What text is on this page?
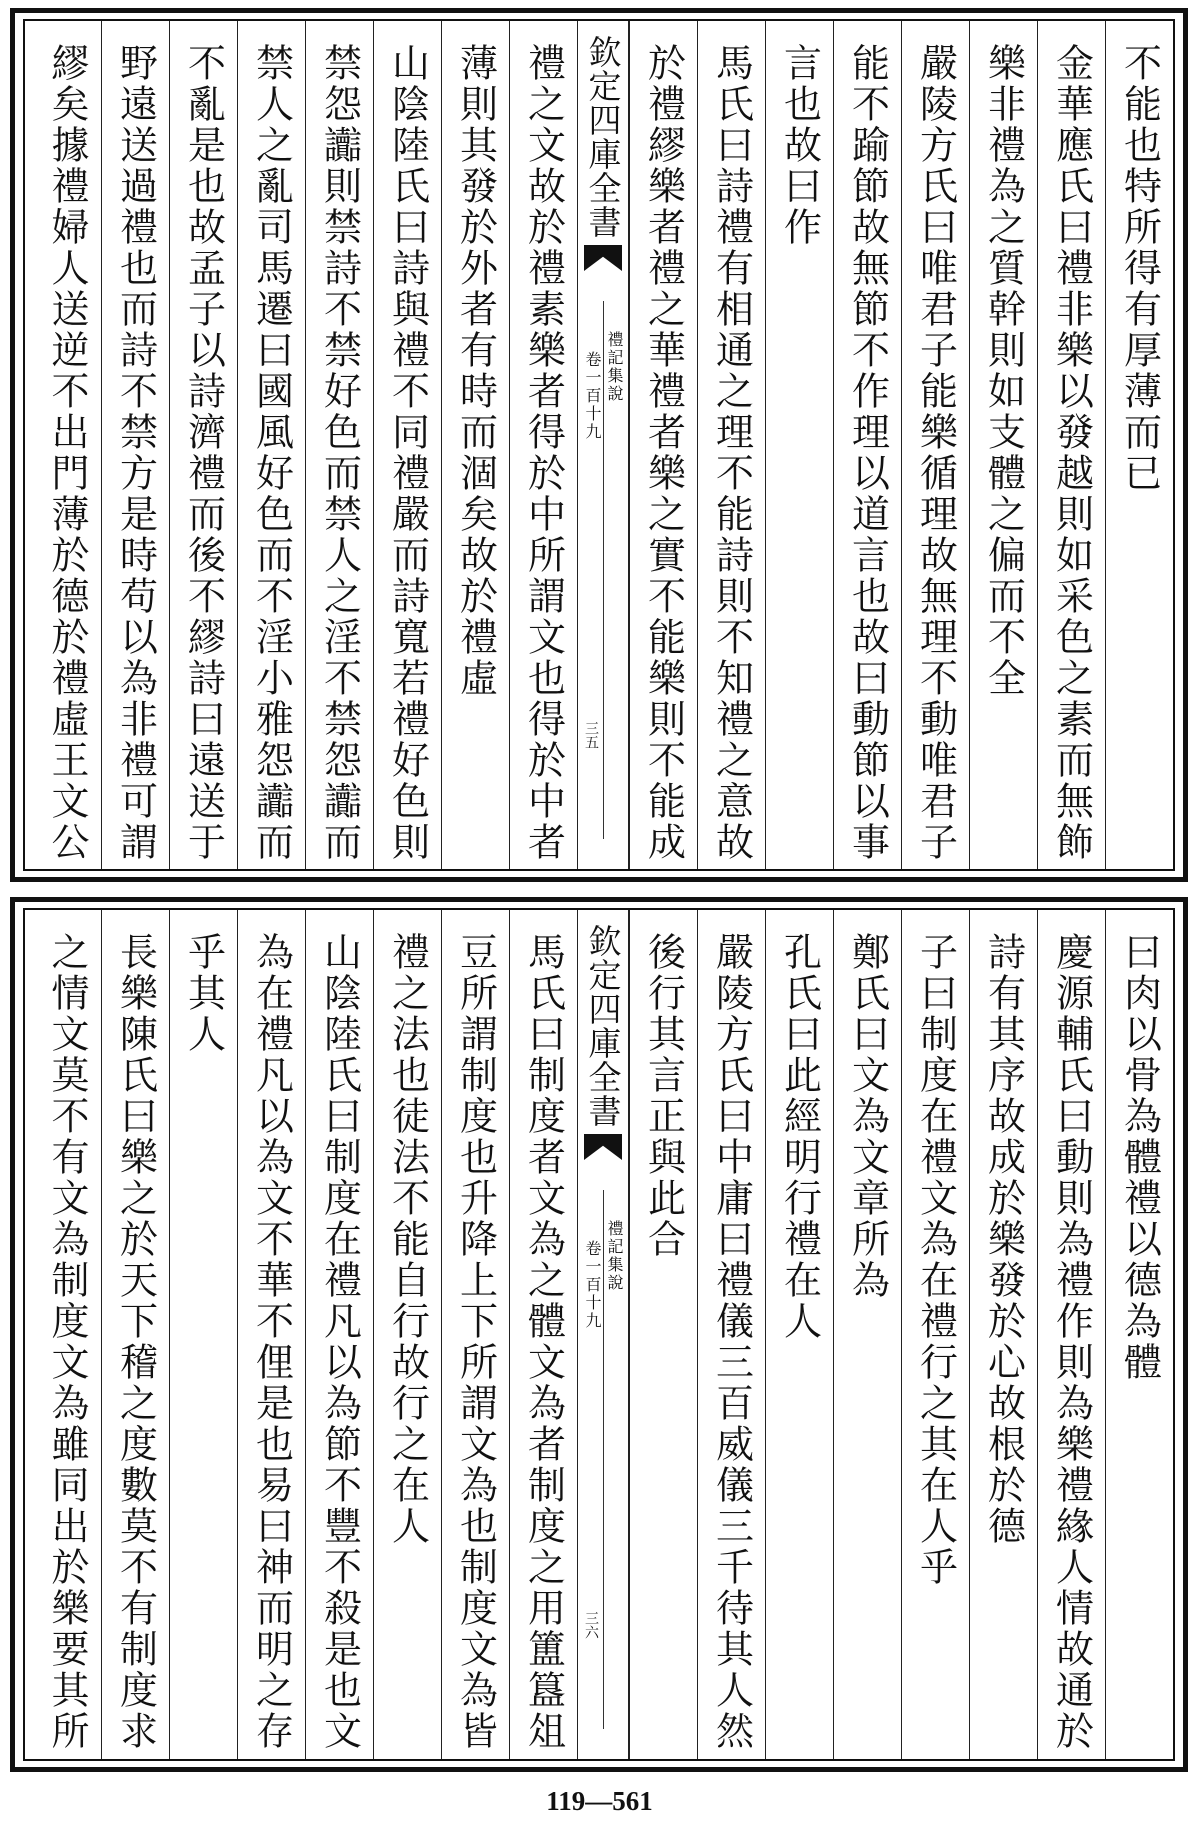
不能也特所得有厚薄而已
金華應氏曰禮非樂以發越則如采色之素而無飾
樂非禮為之質幹則如支體之偏而不全
嚴陵方氏曰唯君子能樂循理故無理不動唯君子
能不踰節故無節不作理以道言也故曰動節以事
言也故曰作
馬氏曰詩禮有相通之理不能詩則不知禮之意故
於禮繆樂者禮之華禮者樂之實不能樂則不能成
欽定四庫全書
禮記集說
卷一百十九
三五
禮之文故於禮素樂者得於中所謂文也得於中者
薄則其發於外者有時而涸矣故於禮虛
山陰陸氏曰詩與禮不同禮嚴而詩寬若禮好色則
禁怨讟則禁詩不禁好色而禁人之淫不禁怨讟而
禁人之亂司馬遷曰國風好色而不淫小雅怨讟而
不亂是也故孟子以詩濟禮而後不繆詩曰遠送于
野遠送過禮也而詩不禁方是時苟以為非禮可謂
繆矣據禮婦人送逆不出門薄於德於禮虛王文公
曰肉以骨為體禮以德為體
慶源輔氏曰動則為禮作則為樂禮緣人情故通於
詩有其序故成於樂發於心故根於德
子曰制度在禮文為在禮行之其在人乎
鄭氏曰文為文章所為
孔氏曰此經明行禮在人
嚴陵方氏曰中庸曰禮儀三百威儀三千待其人然
後行其言正與此合
欽定四庫全書
禮記集說
卷一百十九
三六
馬氏曰制度者文為之體文為者制度之用簠簋俎
豆所謂制度也升降上下所謂文為也制度文為皆
禮之法也徒法不能自行故行之在人
山陰陸氏曰制度在禮凡以為節不豐不殺是也文
為在禮凡以為文不華不俚是也易曰神而明之存
乎其人
長樂陳氏曰樂之於天下稽之度數莫不有制度求
之情文莫不有文為制度文為雖同出於樂要其所
119—561
